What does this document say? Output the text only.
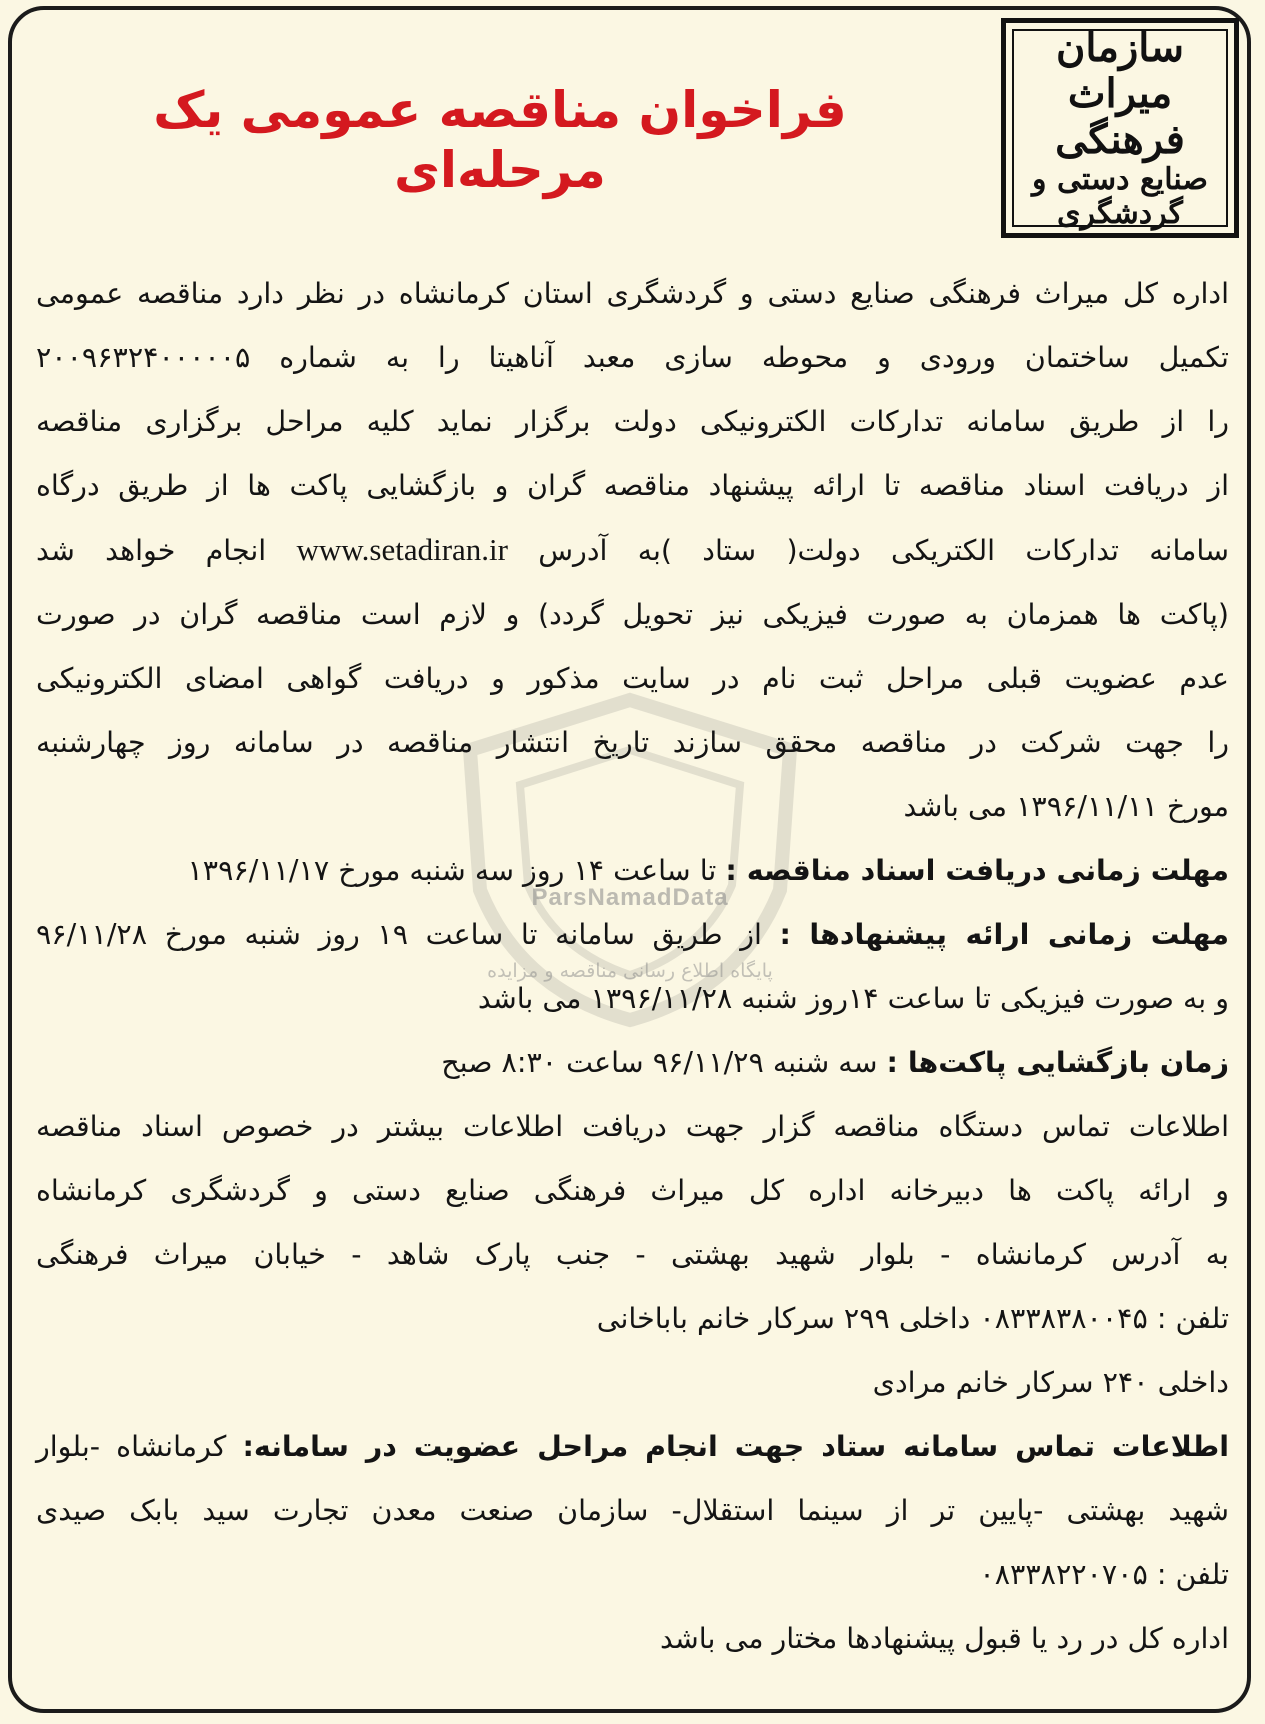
ParsNamadData
پایگاه اطلاع رسانی مناقصه و مزایده
سازمان میراث فرهنگی
صنایع دستی و گردشگری
فراخوان مناقصه عمومی یک مرحله‌ای
اداره کل میراث فرهنگی صنایع دستی و گردشگری استان کرمانشاه در نظر دارد مناقصه عمومی
تکمیل ساختمان ورودی و محوطه سازی معبد آناهیتا را به شماره ۲۰۰۹۶۳۲۴۰۰۰۰۰۵
را از طریق سامانه تدارکات الکترونیکی دولت برگزار نماید کلیه مراحل برگزاری مناقصه
از دریافت اسناد مناقصه تا ارائه پیشنهاد مناقصه گران و بازگشایی پاکت ها از طریق درگاه
سامانه تدارکات الکتریکی دولت( ستاد )به آدرس www.setadiran.ir انجام خواهد شد
(پاکت ها همزمان به صورت فیزیکی نیز تحویل گردد) و لازم است مناقصه گران در صورت
عدم عضویت قبلی مراحل ثبت نام در سایت مذکور و دریافت گواهی امضای الکترونیکی
را جهت شرکت در مناقصه محقق سازند تاریخ انتشار مناقصه در سامانه روز چهارشنبه
مورخ ۱۳۹۶/۱۱/۱۱ می باشد

مهلت زمانی دریافت اسناد مناقصه : تا ساعت ۱۴ روز سه شنبه مورخ ۱۳۹۶/۱۱/۱۷

مهلت زمانی ارائه پیشنهادها : از طریق سامانه تا ساعت ۱۹ روز شنبه مورخ ۹۶/۱۱/۲۸

و به صورت فیزیکی تا ساعت ۱۴روز شنبه ۱۳۹۶/۱۱/۲۸ می باشد

زمان بازگشایی پاکت‌ها : سه شنبه ۹۶/۱۱/۲۹ ساعت ۸:۳۰ صبح

اطلاعات تماس دستگاه مناقصه گزار جهت دریافت اطلاعات بیشتر در خصوص اسناد مناقصه
و ارائه پاکت ها دبیرخانه اداره کل میراث فرهنگی صنایع دستی و گردشگری کرمانشاه
به آدرس کرمانشاه - بلوار شهید بهشتی - جنب پارک شاهد - خیابان میراث فرهنگی
تلفن : ۰۸۳۳۸۳۸۰۰۴۵ داخلی ۲۹۹ سرکار خانم باباخانی
داخلی ۲۴۰ سرکار خانم مرادی

اطلاعات تماس سامانه ستاد جهت انجام مراحل عضویت در سامانه: کرمانشاه -بلوار

شهید بهشتی -پایین تر از سینما استقلال- سازمان صنعت معدن تجارت سید بابک صیدی
تلفن : ۰۸۳۳۸۲۲۰۷۰۵

اداره کل در رد یا قبول پیشنهادها مختار می باشد
